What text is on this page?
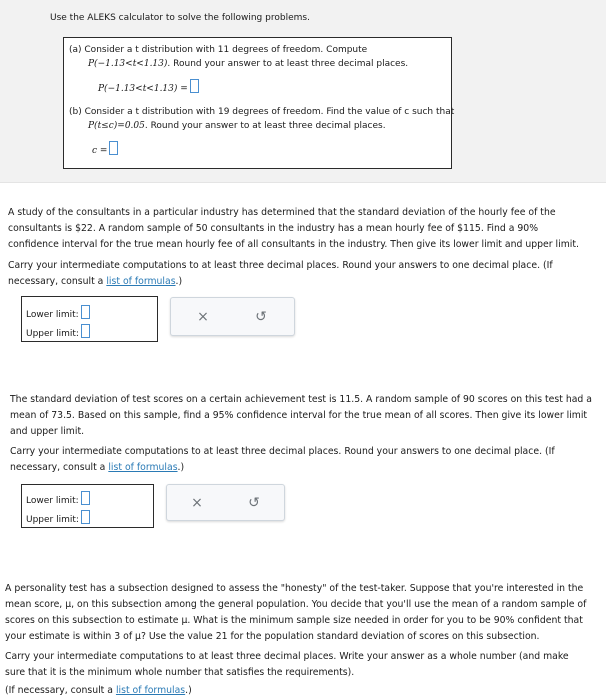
Use the ALEKS calculator to solve the following problems.
(a) Consider a t distribution with 11 degrees of freedom. Compute
P(−1.13<t<1.13). Round your answer to at least three decimal places.
P(−1.13<t<1.13) =
(b) Consider a t distribution with 19 degrees of freedom. Find the value of c such that
P(t≤c)=0.05. Round your answer to at least three decimal places.
c =
A study of the consultants in a particular industry has determined that the standard deviation of the hourly fee of the
consultants is $22. A random sample of 50 consultants in the industry has a mean hourly fee of $115. Find a 90%
confidence interval for the true mean hourly fee of all consultants in the industry. Then give its lower limit and upper limit.
Carry your intermediate computations to at least three decimal places. Round your answers to one decimal place. (If
necessary, consult a list of formulas.)
Lower limit:
Upper limit:
×	↺
The standard deviation of test scores on a certain achievement test is 11.5. A random sample of 90 scores on this test had a
mean of 73.5. Based on this sample, find a 95% confidence interval for the true mean of all scores. Then give its lower limit
and upper limit.
Carry your intermediate computations to at least three decimal places. Round your answers to one decimal place. (If
necessary, consult a list of formulas.)
Lower limit:
Upper limit:
×	↺
A personality test has a subsection designed to assess the "honesty" of the test-taker. Suppose that you're interested in the
mean score, μ, on this subsection among the general population. You decide that you'll use the mean of a random sample of
scores on this subsection to estimate μ. What is the minimum sample size needed in order for you to be 90% confident that
your estimate is within 3 of μ? Use the value 21 for the population standard deviation of scores on this subsection.
Carry your intermediate computations to at least three decimal places. Write your answer as a whole number (and make
sure that it is the minimum whole number that satisfies the requirements).
(If necessary, consult a list of formulas.)
